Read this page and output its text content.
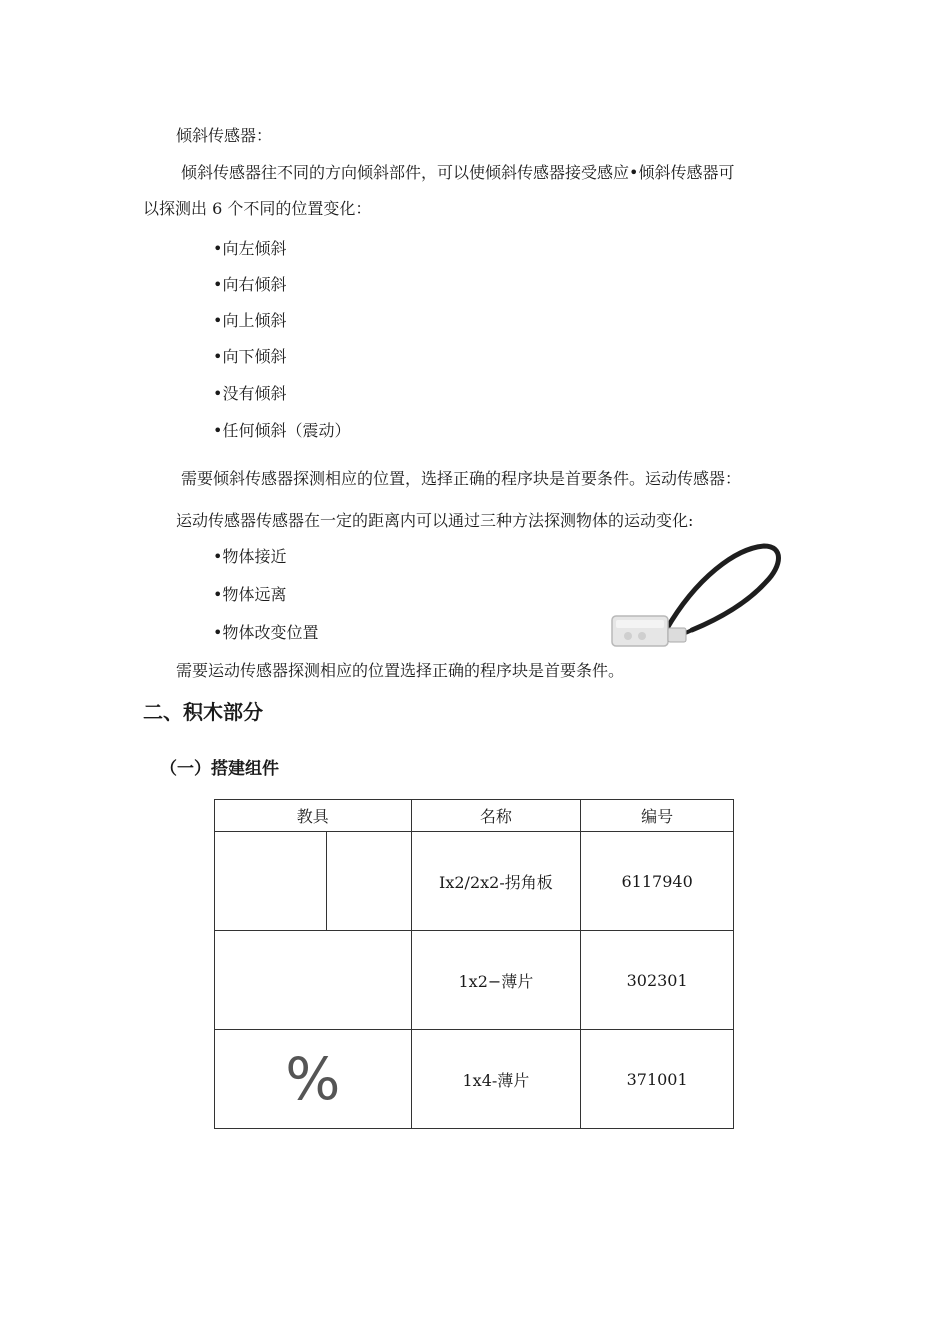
倾斜传感器：
倾斜传感器往不同的方向倾斜部件，可以使倾斜传感器接受感应•倾斜传感器可
以探测出 6 个不同的位置变化：
•向左倾斜
•向右倾斜
•向上倾斜
•向下倾斜
•没有倾斜
•任何倾斜（震动）
需要倾斜传感器探测相应的位置，选择正确的程序块是首要条件。运动传感器：
运动传感器传感器在一定的距离内可以通过三种方法探测物体的运动变化:
•物体接近
•物体远离
•物体改变位置
需要运动传感器探测相应的位置选择正确的程序块是首要条件。
二、积木部分
（一）搭建组件
教具		名称	编号
		Ix2/2x2-拐角板	6117940
		1x2−薄片	302301
%		1x4-薄片	371001
